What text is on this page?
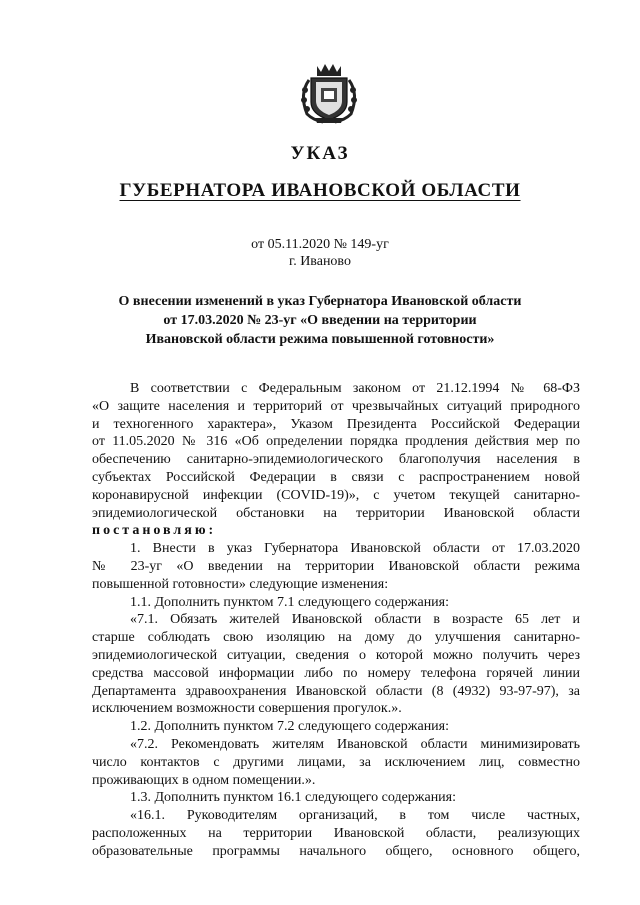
УКАЗ
ГУБЕРНАТОРА ИВАНОВСКОЙ ОБЛАСТИ
от 05.11.2020 № 149-уг
г. Иваново
О внесении изменений в указ Губернатора Ивановской области
от 17.03.2020 № 23-уг «О введении на территории
Ивановской области режима повышенной готовности»

В соответствии с Федеральным законом от 21.12.1994 № 68-ФЗ

«О защите населения и территорий от чрезвычайных ситуаций природного

и техногенного характера», Указом Президента Российской Федерации

от 11.05.2020 № 316 «Об определении порядка продления действия мер по

обеспечению санитарно-эпидемиологического благополучия населения в

субъектах Российской Федерации в связи с распространением новой

коронавирусной инфекции (COVID-19)», с учетом текущей санитарно-

эпидемиологической обстановки на территории Ивановской области

постановляю:

1. Внести в указ Губернатора Ивановской области от 17.03.2020

№ 23-уг «О введении на территории Ивановской области режима

повышенной готовности» следующие изменения:

1.1. Дополнить пунктом 7.1 следующего содержания:

«7.1. Обязать жителей Ивановской области в возрасте 65 лет и

старше соблюдать свою изоляцию на дому до улучшения санитарно-

эпидемиологической ситуации, сведения о которой можно получить через

средства массовой информации либо по номеру телефона горячей линии

Департамента здравоохранения Ивановской области (8 (4932) 93-97-97), за

исключением возможности совершения прогулок.».

1.2. Дополнить пунктом 7.2 следующего содержания:

«7.2. Рекомендовать жителям Ивановской области минимизировать

число контактов с другими лицами, за исключением лиц, совместно

проживающих в одном помещении.».

1.3. Дополнить пунктом 16.1 следующего содержания:

«16.1. Руководителям организаций, в том числе частных,

расположенных на территории Ивановской области, реализующих

образовательные программы начального общего, основного общего,
